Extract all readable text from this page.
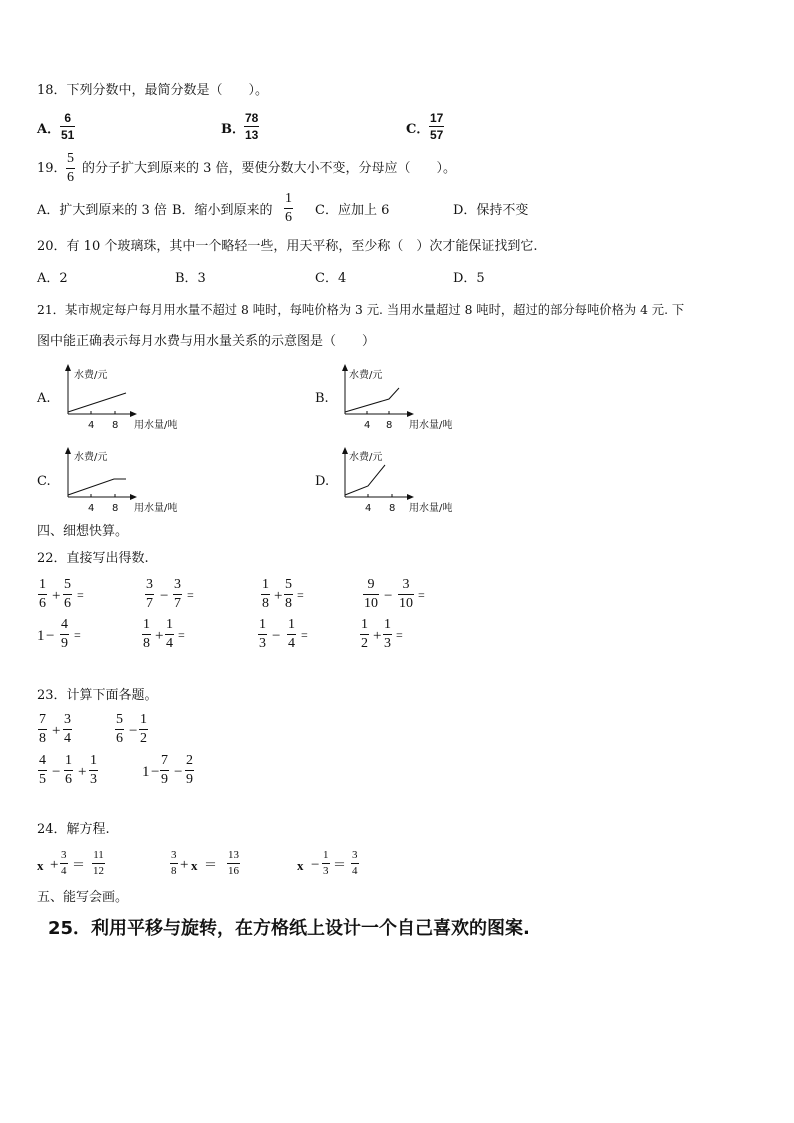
18．下列分数中，最简分数是（　　）。
A．
6
51	B．
78
13	C．
17
57
19．
5
6
的分子扩大到原来的 3 倍，要使分数大小不变，分母应（　　）。
A．扩大到原来的 3 倍 B．缩小到原来的
1
6 C．应加上 6	D．保持不变
20．有 10 个玻璃珠，其中一个略轻一些，用天平称，至少称（　）次才能保证找到它.
A．2	B．3	C．4	D．5
21．某市规定每户每月用水量不超过 8 吨时，每吨价格为 3 元. 当用水量超过 8 吨时，超过的部分每吨价格为 4 元. 下
图中能正确表示每月水费与用水量关系的示意图是（　　）
A.
水费/元
4 8 用水量/吨
B.
水费/元
4 8 用水量/吨
C.
水费/元
4 8 用水量/吨
D.
水费/元
4 8 用水量/吨
四、细想快算。
22．直接写出得数.
1
6 +
5
6
=
3
7 −
3
7
=
1
8 +
5
8
=
9
10 −
3
10
=
1 −
4
9
=
1
8 +
1
4
=
1
3 −
1
4
=
1
2 +
1
3
=
23．计算下面各题。
7
8 +
3
4
5
6 −
1
2
4
5 −
1
6 +
1
3	1 −
7
9 −
2
9
24．解方程.
x +
3
4 ＝
11
12
3
8 + x ＝
13
16	x −
1
3 ＝
3
4
五、能写会画。
25．利用平移与旋转，在方格纸上设计一个自己喜欢的图案.
